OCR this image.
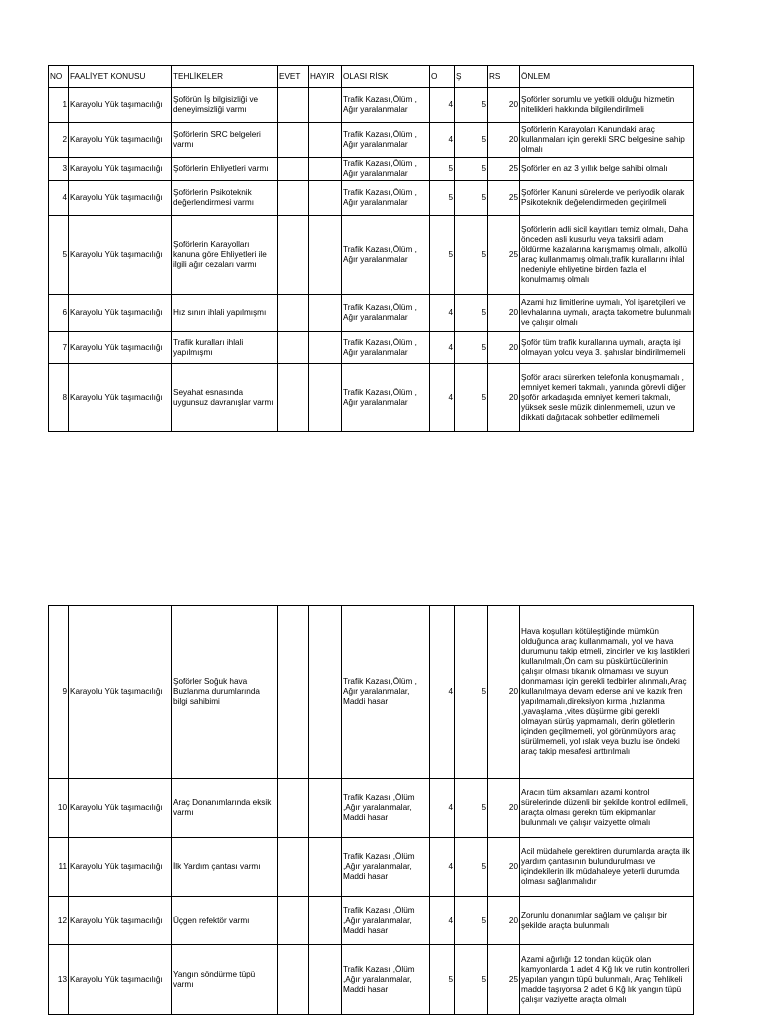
NO	FAALİYET KONUSU	TEHLİKELER	EVET	HAYIR	OLASI RİSK	O	Ş	RS	ÖNLEM
1	Karayolu Yük taşımacılığı	Şoförün İş bilgisizliği ve deneyimsizliği varmı			Trafik Kazası,Ölüm , Ağır yaralanmalar	4	5	20	Şoförler sorumlu ve yetkili olduğu hizmetin nitelikleri hakkında bilgilendirilmeli
2	Karayolu Yük taşımacılığı	Şoförlerin SRC belgeleri varmı			Trafik Kazası,Ölüm , Ağır yaralanmalar	4	5	20	Şoförlerin Karayoları Kanundaki araç kullanmaları için gerekli SRC belgesine sahip olmalı
3	Karayolu Yük taşımacılığı	Şoförlerin Ehliyetleri varmı			Trafik Kazası,Ölüm , Ağır yaralanmalar	5	5	25	Şoförler en az 3 yıllık belge sahibi olmalı
4	Karayolu Yük taşımacılığı	Şoförlerin Psikoteknik değerlendirmesi varmı			Trafik Kazası,Ölüm , Ağır yaralanmalar	5	5	25	Şoförler Kanuni sürelerde ve periyodik olarak Psikoteknik değelendirmeden geçirilmeli
5	Karayolu Yük taşımacılığı	Şoförlerin Karayolları kanuna göre Ehliyetleri ile ilgili ağır cezaları varmı			Trafik Kazası,Ölüm , Ağır yaralanmalar	5	5	25	Şoförlerin adli sicil kayıtları temiz olmalı, Daha önceden asli kusurlu veya taksirli adam öldürme kazalarına karışmamış olmalı, alkollü araç kullanmamış olmalı,trafik kurallarını ihlal nedeniyle ehliyetine birden fazla el konulmamış olmalı
6	Karayolu Yük taşımacılığı	Hız sınırı ihlali yapılmışmı			Trafik Kazası,Ölüm , Ağır yaralanmalar	4	5	20	Azami hız limitlerine uymalı, Yol işaretçileri ve levhalarına uymalı, araçta takometre bulunmalı ve çalışır olmalı
7	Karayolu Yük taşımacılığı	Trafik kuralları ihlali yapılmışmı			Trafik Kazası,Ölüm , Ağır yaralanmalar	4	5	20	Şoför tüm trafik kurallarına uymalı, araçta işi olmayan yolcu veya 3. şahıslar bindirilmemeli
8	Karayolu Yük taşımacılığı	Seyahat esnasında uygunsuz davranışlar varmı			Trafik Kazası,Ölüm , Ağır yaralanmalar	4	5	20	Şoför aracı sürerken telefonla konuşmamalı , emniyet kemeri takmalı, yanında görevli diğer şoför arkadaşıda emniyet kemeri takmalı, yüksek sesle müzik dinlenmemeli, uzun ve dikkati dağıtacak sohbetler edilmemeli
9	Karayolu Yük taşımacılığı	Şoförler Soğuk hava Buzlanma durumlarında bilgi sahibimi			Trafik Kazası,Ölüm , Ağır yaralanmalar, Maddi hasar	4	5	20	Hava koşulları kötüleştiğinde mümkün olduğunca araç kullanmamalı, yol ve hava durumunu takip etmeli, zincirler ve kış lastikleri kullanılmalı,Ön cam su püskürtücülerinin çalışır olması tıkanık olmaması ve suyun donmaması için gerekli tedbirler alınmalı,Araç kullanılmaya devam ederse ani ve kazık fren yapılmamalı,direksiyon kırma ,hızlanma ,yavaşlama ,vites düşürme gibi gerekli olmayan sürüş yapmamalı, derin göletlerin içinden geçilmemeli, yol görünmüyors araç sürülmemeli, yol ıslak veya buzlu ise öndeki araç takip mesafesi arttırılmalı
10	Karayolu Yük taşımacılığı	Araç Donanımlarında eksik varmı			Trafik Kazası ,Ölüm ,Ağır yaralanmalar, Maddi hasar	4	5	20	Aracın tüm aksamları azami kontrol sürelerinde düzenli bir şekilde kontrol edilmeli, araçta olması gerekn tüm ekipmanlar bulunmalı ve çalışır vaizyette olmalı
11	Karayolu Yük taşımacılığı	İlk Yardım çantası varmı			Trafik Kazası ,Ölüm ,Ağır yaralanmalar, Maddi hasar	4	5	20	Acil müdahele gerektiren durumlarda araçta ilk yardım çantasının bulundurulması ve içindekilerin ilk müdahaleye yeterli durumda olması sağlanmalıdır
12	Karayolu Yük taşımacılığı	Üçgen refektör varmı			Trafik Kazası ,Ölüm ,Ağır yaralanmalar, Maddi hasar	4	5	20	Zorunlu donanımlar sağlam ve çalışır bir şekilde araçta bulunmalı
13	Karayolu Yük taşımacılığı	Yangın söndürme tüpü varmı			Trafik Kazası ,Ölüm ,Ağır yaralanmalar, Maddi hasar	5	5	25	Azami ağırlığı 12 tondan küçük olan kamyonlarda 1 adet 4 Kğ lık ve rutin kontrolleri yapılan yangın tüpü bulunmalı, Araç Tehlikeli madde taşıyorsa 2 adet 6 Kğ lık yangın tüpü çalışır vaziyette araçta olmalı
